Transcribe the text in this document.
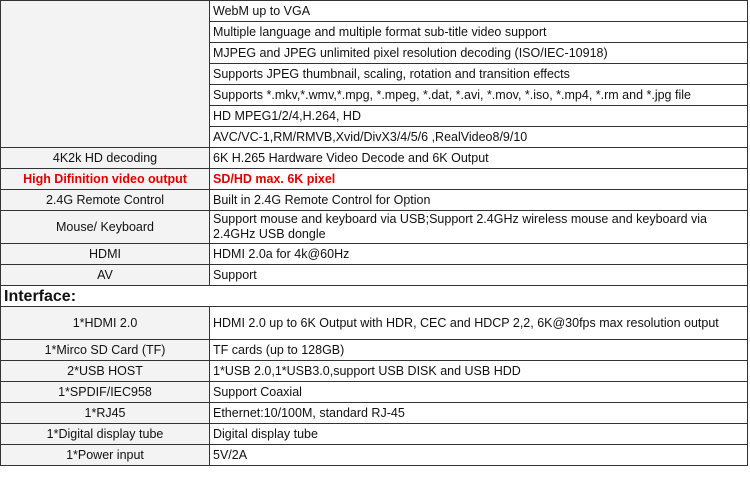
	WebM up to VGA
	Multiple language and multiple format sub-title video support
	MJPEG and JPEG unlimited pixel resolution decoding (ISO/IEC-10918)
	Supports JPEG thumbnail, scaling, rotation and transition effects
	Supports *.mkv,*.wmv,*.mpg, *.mpeg, *.dat, *.avi, *.mov, *.iso, *.mp4, *.rm and *.jpg file
	HD MPEG1/2/4,H.264, HD
	AVC/VC-1,RM/RMVB,Xvid/DivX3/4/5/6 ,RealVideo8/9/10
4K2k HD decoding	6K H.265 Hardware Video Decode and 6K Output
High Difinition video output	SD/HD max. 6K pixel
2.4G Remote Control	Built in 2.4G Remote Control for Option
Mouse/ Keyboard	Support mouse and keyboard via USB;Support 2.4GHz wireless mouse and keyboard via 2.4GHz USB dongle
HDMI	HDMI 2.0a for 4k@60Hz
AV	Support
Interface:	
1*HDMI 2.0	HDMI 2.0 up to 6K Output with HDR, CEC and HDCP 2,2, 6K@30fps max resolution output
1*Mirco SD Card (TF)	TF cards (up to 128GB)
2*USB HOST	1*USB 2.0,1*USB3.0,support USB DISK and USB HDD
1*SPDIF/IEC958	Support Coaxial
1*RJ45	Ethernet:10/100M, standard RJ-45
1*Digital display tube	Digital display tube
1*Power input	5V/2A
